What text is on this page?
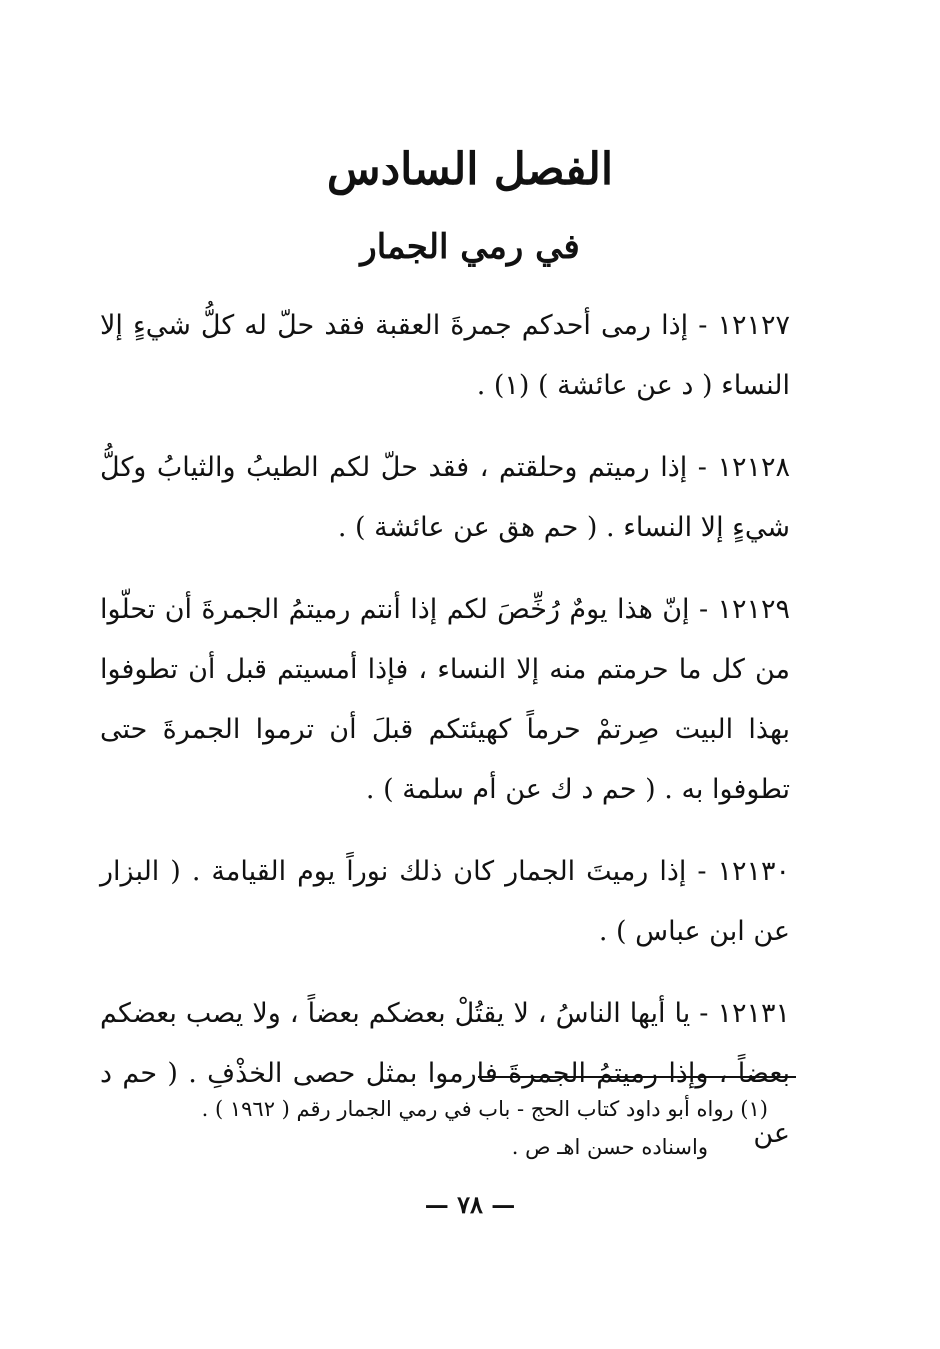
الفصل السادس
في رمي الجمار

١٢١٢٧ - إذا رمى أحدكم جمرةَ العقبة فقد حلّ له كلُّ شيءٍ إلا النساء ( د عن عائشة ) (١) .

١٢١٢٨ - إذا رميتم وحلقتم ، فقد حلّ لكم الطيبُ والثيابُ وكلُّ شيءٍ إلا النساء . ( حم هق عن عائشة ) .

١٢١٢٩ - إنّ هذا يومٌ رُخِّصَ لكم إذا أنتم رميتمُ الجمرةَ أن تحلّوا من كل ما حرمتم منه إلا النساء ، فإذا أمسيتم قبل أن تطوفوا بهذا البيت صِرتمْ حرماً كهيئتكم قبلَ أن ترموا الجمرةَ حتى تطوفوا به . ( حم د ك عن أم سلمة ) .

١٢١٣٠ - إذا رميتَ الجمار كان ذلك نوراً يوم القيامة . ( البزار عن ابن عباس ) .

١٢١٣١ - يا أيها الناسُ ، لا يقتُلْ بعضكم بعضاً ، ولا يصب بعضكم بعضاً ، وإذا رميتمُ الجمرةَ فارموا بمثل حصى الخذْفِ . ( حم د عن

(١) رواه أبو داود كتاب الحج - باب في رمي الجمار رقم ( ١٩٦٢ ) .
واسناده حسن اهـ ص .
— ٧٨ —
